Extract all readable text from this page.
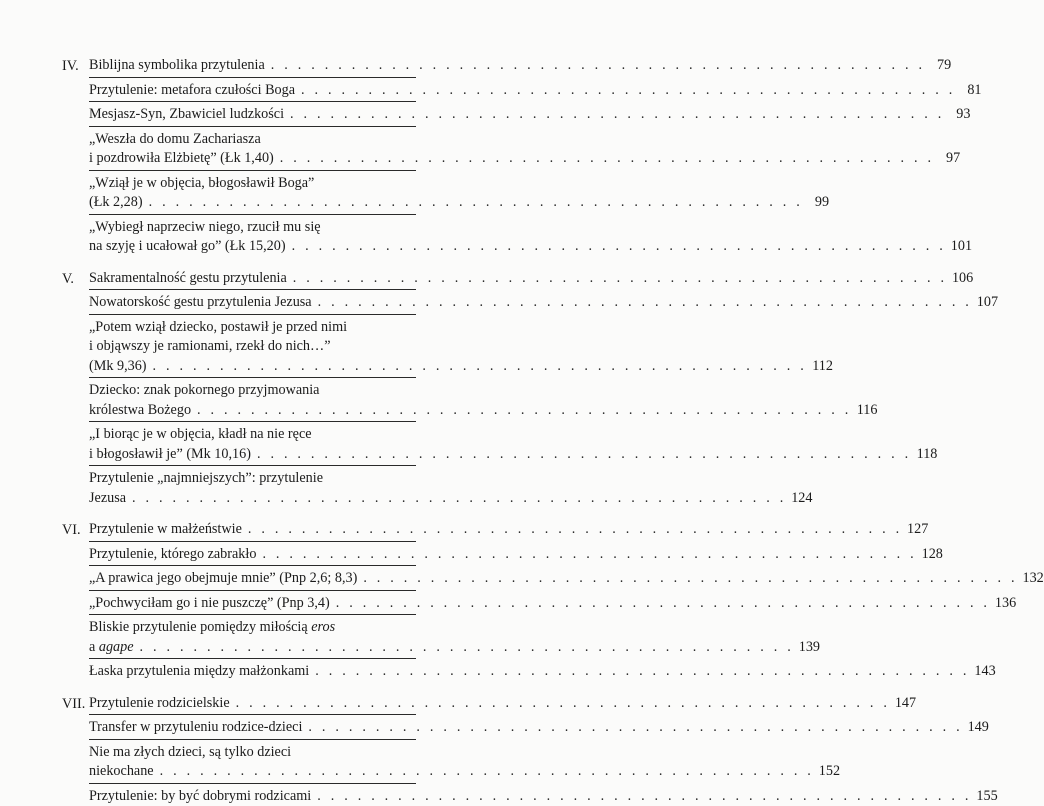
IV. Biblijna symbolika przytulenia . . . . . . . . . . . . . . . . . . . . . . . . . . . . . . . . . . . . . . . . . . . . . . . . . 79
Przytulenie: metafora czułości Boga . . . . . . . . . . . . . . . . . . . . . . . . . . . . . . . . . . . . . . . . . . . . . . . . . 81
Mesjasz-Syn, Zbawiciel ludzkości . . . . . . . . . . . . . . . . . . . . . . . . . . . . . . . . . . . . . . . . . . . . . . . . . 93
„Weszła do domu Zachariasza
i pozdrowiła Elżbietę” (Łk 1,40) . . . . . . . . . . . . . . . . . . . . . . . . . . . . . . . . . . . . . . . . . . . . . . . . . 97
„Wziął je w objęcia, błogosławił Boga”
(Łk 2,28) . . . . . . . . . . . . . . . . . . . . . . . . . . . . . . . . . . . . . . . . . . . . . . . . . 99
„Wybiegł naprzeciw niego, rzucił mu się
na szyję i ucałował go” (Łk 15,20) . . . . . . . . . . . . . . . . . . . . . . . . . . . . . . . . . . . . . . . . . . . . . . . . . 101
V.	Sakramentalność gestu przytulenia . . . . . . . . . . . . . . . . . . . . . . . . . . . . . . . . . . . . . . . . . . . . . . . . . 106
Nowatorskość gestu przytulenia Jezusa . . . . . . . . . . . . . . . . . . . . . . . . . . . . . . . . . . . . . . . . . . . . . . . . . 107
„Potem wziął dziecko, postawił je przed nimi
i objąwszy je ramionami, rzekł do nich…”
(Mk 9,36) . . . . . . . . . . . . . . . . . . . . . . . . . . . . . . . . . . . . . . . . . . . . . . . . . 112
Dziecko: znak pokornego przyjmowania
królestwa Bożego . . . . . . . . . . . . . . . . . . . . . . . . . . . . . . . . . . . . . . . . . . . . . . . . . 116
„I biorąc je w objęcia, kładł na nie ręce
i błogosławił je” (Mk 10,16) . . . . . . . . . . . . . . . . . . . . . . . . . . . . . . . . . . . . . . . . . . . . . . . . . 118
Przytulenie „najmniejszych”: przytulenie
Jezusa . . . . . . . . . . . . . . . . . . . . . . . . . . . . . . . . . . . . . . . . . . . . . . . . . 124
VI. Przytulenie w małżeństwie . . . . . . . . . . . . . . . . . . . . . . . . . . . . . . . . . . . . . . . . . . . . . . . . . 127
Przytulenie, którego zabrakło . . . . . . . . . . . . . . . . . . . . . . . . . . . . . . . . . . . . . . . . . . . . . . . . . 128
„A prawica jego obejmuje mnie” (Pnp 2,6; 8,3) . . . . . . . . . . . . . . . . . . . . . . . . . . . . . . . . . . . . . . . . . . . . . . . . . 132
„Pochwyciłam go i nie puszczę” (Pnp 3,4) . . . . . . . . . . . . . . . . . . . . . . . . . . . . . . . . . . . . . . . . . . . . . . . . . 136
Bliskie przytulenie pomiędzy miłością eros
a agape . . . . . . . . . . . . . . . . . . . . . . . . . . . . . . . . . . . . . . . . . . . . . . . . . 139
Łaska przytulenia między małżonkami . . . . . . . . . . . . . . . . . . . . . . . . . . . . . . . . . . . . . . . . . . . . . . . . . 143
VII. Przytulenie rodzicielskie . . . . . . . . . . . . . . . . . . . . . . . . . . . . . . . . . . . . . . . . . . . . . . . . . 147
Transfer w przytuleniu rodzice-dzieci . . . . . . . . . . . . . . . . . . . . . . . . . . . . . . . . . . . . . . . . . . . . . . . . . 149
Nie ma złych dzieci, są tylko dzieci
niekochane . . . . . . . . . . . . . . . . . . . . . . . . . . . . . . . . . . . . . . . . . . . . . . . . . 152
Przytulenie: by być dobrymi rodzicami . . . . . . . . . . . . . . . . . . . . . . . . . . . . . . . . . . . . . . . . . . . . . . . . . 155
